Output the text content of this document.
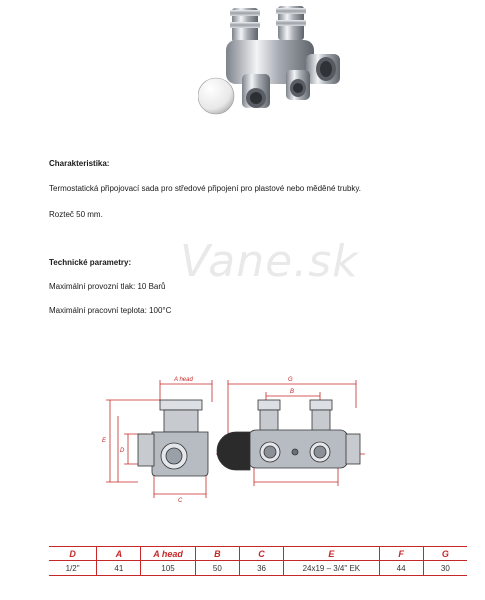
Vane.sk
Charakteristika:
Termostatická připojovací sada pro středové připojení pro plastové nebo měděné trubky.
Rozteč 50 mm.
Technické parametry:
Maximální provozní tlak: 10 Barů
Maximální pracovní teplota: 100°C
A head	G
B
E
D
C
D	A	A head	B	C	E	F	G
1/2"	41	105	50	36	24x19 – 3/4" EK	44	30
